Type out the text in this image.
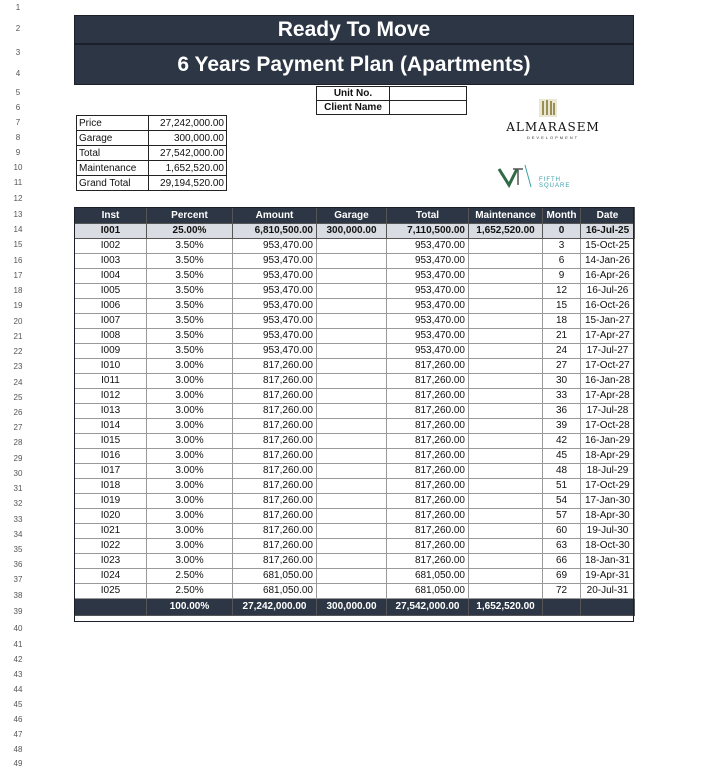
1
2
3
4
5
6
7
8
9
10
11
12
13
14
15
16
17
18
19
20
21
22
23
24
25
26
27
28
29
30
31
32
33
34
35
36
37
38
39
40
41
42
43
44
45
46
47
48
49
Ready To Move
6 Years Payment Plan (Apartments)
Unit No.
Client Name
Price	27,242,000.00
Garage	300,000.00
Total	27,542,000.00
Maintenance	1,652,520.00
Grand Total	29,194,520.00
ALMARASEM
DEVELOPMENT
FIFTH
SQUARE
Inst	Percent	Amount	Garage	Total	Maintenance	Month	Date
I001	25.00%	6,810,500.00	300,000.00	7,110,500.00	1,652,520.00	0	16-Jul-25
I002	3.50%	953,470.00		953,470.00		3	15-Oct-25
I003	3.50%	953,470.00		953,470.00		6	14-Jan-26
I004	3.50%	953,470.00		953,470.00		9	16-Apr-26
I005	3.50%	953,470.00		953,470.00		12	16-Jul-26
I006	3.50%	953,470.00		953,470.00		15	16-Oct-26
I007	3.50%	953,470.00		953,470.00		18	15-Jan-27
I008	3.50%	953,470.00		953,470.00		21	17-Apr-27
I009	3.50%	953,470.00		953,470.00		24	17-Jul-27
I010	3.00%	817,260.00		817,260.00		27	17-Oct-27
I011	3.00%	817,260.00		817,260.00		30	16-Jan-28
I012	3.00%	817,260.00		817,260.00		33	17-Apr-28
I013	3.00%	817,260.00		817,260.00		36	17-Jul-28
I014	3.00%	817,260.00		817,260.00		39	17-Oct-28
I015	3.00%	817,260.00		817,260.00		42	16-Jan-29
I016	3.00%	817,260.00		817,260.00		45	18-Apr-29
I017	3.00%	817,260.00		817,260.00		48	18-Jul-29
I018	3.00%	817,260.00		817,260.00		51	17-Oct-29
I019	3.00%	817,260.00		817,260.00		54	17-Jan-30
I020	3.00%	817,260.00		817,260.00		57	18-Apr-30
I021	3.00%	817,260.00		817,260.00		60	19-Jul-30
I022	3.00%	817,260.00		817,260.00		63	18-Oct-30
I023	3.00%	817,260.00		817,260.00		66	18-Jan-31
I024	2.50%	681,050.00		681,050.00		69	19-Apr-31
I025	2.50%	681,050.00		681,050.00		72	20-Jul-31
	100.00%	27,242,000.00	300,000.00	27,542,000.00	1,652,520.00		
